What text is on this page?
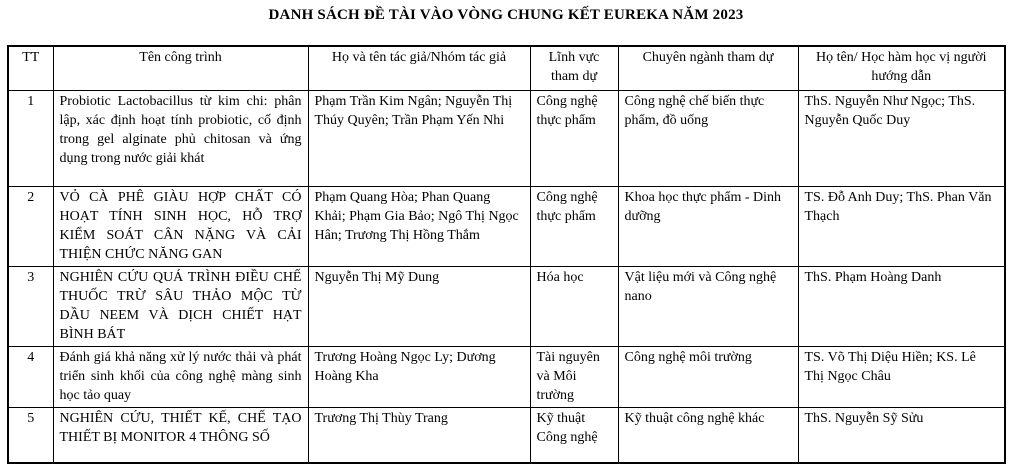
DANH SÁCH ĐỀ TÀI VÀO VÒNG CHUNG KẾT EUREKA NĂM 2023
TT	Tên công trình	Họ và tên tác giả/Nhóm tác giả	Lĩnh vực tham dự	Chuyên ngành tham dự	Họ tên/ Học hàm học vị người hướng dẫn
1	Probiotic Lactobacillus từ kim chi: phân lập, xác định hoạt tính probiotic, cố định trong gel alginate phủ chitosan và ứng dụng trong nước giải khát	Phạm Trần Kim Ngân; Nguyễn Thị Thúy Quyên; Trần Phạm Yến Nhi	Công nghệ thực phẩm	Công nghệ chế biến thực phẩm, đồ uống	ThS. Nguyễn Như Ngọc; ThS. Nguyễn Quốc Duy
2	VỎ CÀ PHÊ GIÀU HỢP CHẤT CÓ HOẠT TÍNH SINH HỌC, HỖ TRỢ KIỂM SOÁT CÂN NẶNG VÀ CẢI THIỆN CHỨC NĂNG GAN	Phạm Quang Hòa; Phan Quang Khải; Phạm Gia Bảo; Ngô Thị Ngọc Hân; Trương Thị Hồng Thắm	Công nghệ thực phẩm	Khoa học thực phẩm - Dinh dưỡng	TS. Đỗ Anh Duy; ThS. Phan Văn Thạch
3	NGHIÊN CỨU QUÁ TRÌNH ĐIỀU CHẾ THUỐC TRỪ SÂU THẢO MỘC TỪ DẦU NEEM VÀ DỊCH CHIẾT HẠT BÌNH BÁT	Nguyễn Thị Mỹ Dung	Hóa học	Vật liệu mới và Công nghệ nano	ThS. Phạm Hoàng Danh
4	Đánh giá khả năng xử lý nước thải và phát triển sinh khối của công nghệ màng sinh học tảo quay	Trương Hoàng Ngọc Ly; Dương Hoàng Kha	Tài nguyên và Môi trường	Công nghệ môi trường	TS. Võ Thị Diệu Hiền; KS. Lê Thị Ngọc Châu
5	NGHIÊN CỨU, THIẾT KẾ, CHẾ TẠO THIẾT BỊ MONITOR 4 THÔNG SỐ	Trương Thị Thùy Trang	Kỹ thuật Công nghệ	Kỹ thuật công nghệ khác	ThS. Nguyễn Sỹ Sửu
